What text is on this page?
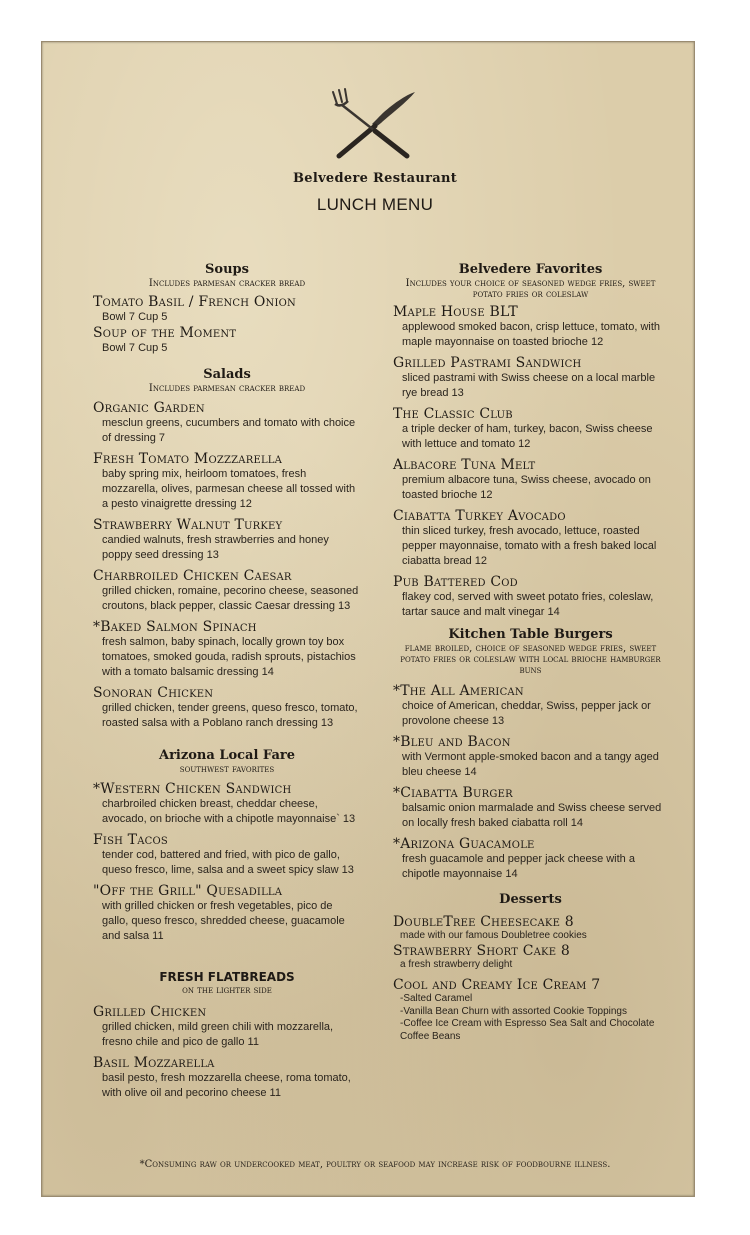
Belvedere Restaurant
LUNCH MENU
Soups
Includes parmesan cracker bread
Tomato Basil / French Onion
Bowl 7 Cup 5
Soup of the Moment
Bowl 7 Cup 5
Salads
Includes parmesan cracker bread
Organic Garden
mesclun greens, cucumbers and tomato with choice of dressing 7
Fresh Tomato Mozzzarella
baby spring mix, heirloom tomatoes, fresh mozzarella, olives, parmesan cheese all tossed with a pesto vinaigrette dressing 12
Strawberry Walnut Turkey
candied walnuts, fresh strawberries and honey poppy seed dressing 13
Charbroiled Chicken Caesar
grilled chicken, romaine, pecorino cheese, seasoned croutons, black pepper, classic Caesar dressing 13
*Baked Salmon Spinach
fresh salmon, baby spinach, locally grown toy box tomatoes, smoked gouda, radish sprouts, pistachios with a tomato balsamic dressing 14
Sonoran Chicken
grilled chicken, tender greens, queso fresco, tomato, roasted salsa with a Poblano ranch dressing 13
Arizona Local Fare
southwest favorites
*Western Chicken Sandwich
charbroiled chicken breast, cheddar cheese, avocado, on brioche with a chipotle mayonnaise` 13
Fish Tacos
tender cod, battered and fried, with pico de gallo, queso fresco, lime, salsa and a sweet spicy slaw 13
"Off the Grill" Quesadilla
with grilled chicken or fresh vegetables, pico de gallo, queso fresco, shredded cheese, guacamole and salsa 11
FRESH FLATBREADS
on the lighter side
Grilled Chicken
grilled chicken, mild green chili with mozzarella, fresno chile and pico de gallo 11
Basil Mozzarella
basil pesto, fresh mozzarella cheese, roma tomato, with olive oil and pecorino cheese 11
Belvedere Favorites
Includes your choice of seasoned wedge fries, sweet potato fries or coleslaw
Maple House BLT
applewood smoked bacon, crisp lettuce, tomato, with maple mayonnaise on toasted brioche 12
Grilled Pastrami Sandwich
sliced pastrami with Swiss cheese on a local marble rye bread 13
The Classic Club
a triple decker of ham, turkey, bacon, Swiss cheese with lettuce and tomato 12
Albacore Tuna Melt
premium albacore tuna, Swiss cheese, avocado on toasted brioche 12
Ciabatta Turkey Avocado
thin sliced turkey, fresh avocado, lettuce, roasted pepper mayonnaise, tomato with a fresh baked local ciabatta bread 12
Pub Battered Cod
flakey cod, served with sweet potato fries, coleslaw, tartar sauce and malt vinegar 14
Kitchen Table Burgers
flame broiled, choice of seasoned wedge fries, sweet potato fries or coleslaw with local brioche hamburger buns
*The All American
choice of American, cheddar, Swiss, pepper jack or provolone cheese 13
*Bleu and Bacon
with Vermont apple-smoked bacon and a tangy aged bleu cheese 14
*Ciabatta Burger
balsamic onion marmalade and Swiss cheese served on locally fresh baked ciabatta roll 14
*Arizona Guacamole
fresh guacamole and pepper jack cheese with a chipotle mayonnaise 14
Desserts
DoubleTree Cheesecake 8
made with our famous Doubletree cookies
Strawberry Short Cake 8
a fresh strawberry delight
Cool and Creamy Ice Cream 7
-Salted Caramel
-Vanilla Bean Churn with assorted Cookie Toppings
-Coffee Ice Cream with Espresso Sea Salt and Chocolate Coffee Beans
*Consuming raw or undercooked meat, poultry or seafood may increase risk of foodbourne illness.
